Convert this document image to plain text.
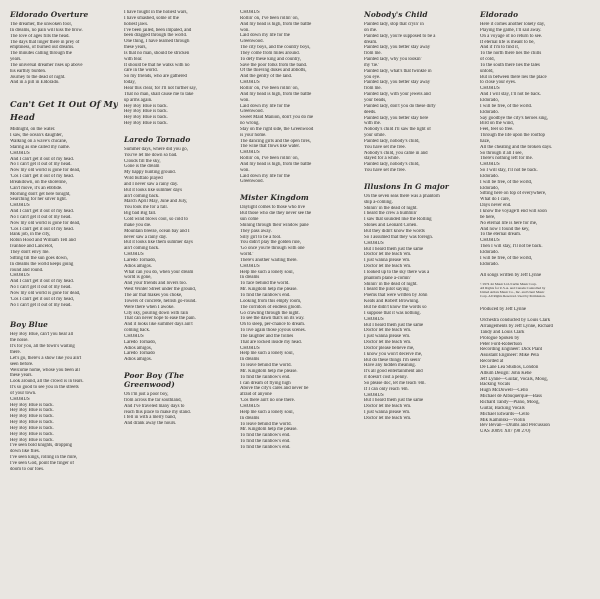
Eldorado Overture
The dreamer, the unwoken fool,
In dreams, no pain will kiss the brow.
The love of ages fills the head.
The days that linger there in prey of
emptiness, of burned out dreams.
The minutes calling through the
years.
The universal dreamer rises up above
his earthly burden.
Journey to the dead of night.
And in a pill in Eldorado.
Can't Get It Out Of My Head
Midnight, on the water.
I saw, the ocean's daughter,
Walking on a wave's chicane,
Staring as she called my name.
CHORUS
And I can't get it out of my head.
No I can't get it out of my head.
Now my old world is gone for dead,
'Cos I can't get it out of my head.
Breakdown, on the shoreline,
Can't move, it's an ebbtide.
Morning don't get here tonight,
Searching for her silver light.
CHORUS
And I can't get it out of my head.
No I can't get it out of my head.
Now my old world is gone for dead,
'Cos I can't get it out of my head.
Bank job, in the city,
Robin Hood and William Tell and
Ivanhoe and Lancelot,
They don't envy me.
Sitting till the sun goes down,
In dreams the world keeps going
round and round.
CHORUS
And I can't get it out of my head.
No I can't get it out of my head.
Now my old world is gone for dead,
'Cos I can't get it out of my head,
No I can't get it out of my head.
Boy Blue
Hey Boy Blue, can't you hear all
the noise.
It's for you, all the town's waiting
there.
Let's go, there's a show like you ain't
seen before.
Welcome home, whose you been all
these years.
Look around, all the crowd is in tears.
It's so good to see you in the streets
of your town.
CHORUS
Hey Boy Blue is back.
Hey Boy Blue is back.
Hey Boy Blue is back.
Hey Boy Blue is back.
Hey Boy Blue is back.
Hey Boy Blue is back.
Hey Boy Blue is back.
I've seen bold knights, dropping
down like flies.
I've seen kings, rolling in the mire,
I've seen God, point the finger of
doom to our foes.
I have fought in the holiest wars,
I have smashed, some of the
holiest jaws.
I've been jailed, been impaled, and
been dragged through the world.
One thing, I have learned through
these years,
Is that no man, should be stricken
with fear.
It should be that he walks with no
care in the world.
So my friends, who are gathered
today,
Hear this clear, for I'll not further say,
That no man, shall cause me to take
up arms again.
Hey Boy Blue is back.
Hey Boy Blue is back.
Hey Boy Blue is back.
Hey Boy Blue is back.
Laredo Tornado
Summer days, where did you go,
You've let me down so bad.
Clouds fill the sky,
Gone is the dream
My happy hunting ground.
Wild buffalo played
and I never saw a rainy day.
But it looks like summer days
ain't coming back.
March April May, June and July,
You took me for a fall.
Big bad Big fall.
Cold wind blows cool, so cold to
make you die.
Mountain breeze, ocean bay and I
never saw a rainy day.
But it looks like them summer days
ain't coming back.
CHORUS
Laredo Tornado,
Adios amigos.
What can you do, when your dream
world is gone,
And your friends and lovers too.
West Winter Street under the ground,
The air that makes you choke,
Towers of concrete, hellish go-round.
Were there when I awoke.
City sky, pouring down with rain
That can never hope to ease the pain.
And it looks like summer days ain't
coming back.
CHORUS
Laredo Tornado,
Adios amigos,
Laredo Tornado
Adios amigos.
Poor Boy (The Greenwood)
Oh I'm just a poor boy,
from across the far southland,
And I've traveled many days to
reach this place to make my stand.
I fell in with a merry band,
And drank away the hours.
CHORUS
Rollin' on, I've been rollin' on,
And my head is high, from the battle
won.
Laid down my life for the
Greenwood.
The city boys, and the country boys,
They come from miles around.
To defy these king and country,
Save the poor folks from the band.
Of the thieving dukes and abbotts,
And the gentry of the land.
CHORUS
Rollin' on, I've been rollin' on,
And my head is high, from the battle
won.
Laid down my life for the
Greenwood.
Sweet Maid Manion, don't you do me
no wrong.
Stay on the right side, the Greenwood
is your home.
The dancing girls and the open fires,
The wine that flows like water.
CHORUS
Rollin' on, I've been rollin' on,
And my head is high, from the battle
won.
Laid down my life for the
Greenwood.
Mister Kingdom
Daylight comes to those who live
But those who die they never see the
sun come
Shining through their window pane
They pass away.
Silly girl to be a fool.
You didn't play the golden rule,
'Go once you're through with one
world.'
There's another waiting there.
CHORUS
Help me such a lonely soul,
In dreams
To face behind the world.
Mr. Kingdom help me please.
To find the rainbow's end.
Looking from this empty room,
The corridors of endless gloom.
Go crawling through the night.
To see the dawn that's on its way.
Oh to sleep, per-chance to dream.
To live again those joyous scenes.
The laughter and the follies
That are locked inside my head.
CHORUS
Help me such a lonely soul,
In dreams
To leave behind the world.
Mr. Kingdom help me please.
To find the rainbow's end.
I can dream of flying high
Above the city's cares and never be
afraid of anyone
'Cos there ain't no one there.
CHORUS
Help me such a lonely soul,
In dreams
To leave behind the world.
Mr. Kingdom help me please.
To find the rainbow's end.
To find the rainbow's end.
To find the rainbow's end.
Nobody's Child
Painted lady, stop that cryin' in
on me.
Painted lady, you're supposed to be a
dream.
Painted lady, you better stay away
from me.
Painted lady, why you lookin'
my 'tie.'
Painted lady, what's that twinkle in
you eye.
Painted lady, you better stay away
from me.
Painted lady, with your jewels and
your beads,
Painted lady, don't you do these dirty
deeds.
Painted lady, you better stay here
with me.
Nobody's child I'll saw the light of
your smile.
Painted lady, nobody's child,
You have set me free.
Nobody's child, you came in and
stayed for a while.
Painted lady, nobody's child,
You have set me free.
Illusions In G major
On the seven seas there was a phantom
ship a-coming.
Shinin' in the dead of night.
I heard the crew a hummin'
I saw that sounded like the Rolling
Stones and Leonard Cohen.
But they didn't know the words
So I assumed that they was foreign.
CHORUS
But I heard them just the same
Doctor let me teach 'em.
I just wanna please 'em.
Doctor let me teach 'em.
I looked up to the sky there was a
phantom plane a-comin'
Shinin' in the dead of night.
I heard the pilot saying
Poems that were written by John
Keats and Robert Browning.
But he didn't know the words so
I suppose that it was nothing.
CHORUS
But I heard them just the same
Doctor let me teach 'em.
I just wanna please 'em.
Doctor let me teach 'em.
Doctor please believe me,
I know you won't deceive me,
But do these things I'm seein'
Have any hidden meaning.
It's all good entertainment and
it doesn't cost a penny.
So please doc, let me teach 'em.
If I can only reach 'em.
CHORUS
But I heard them just the same
Doctor let me teach 'em.
I just wanna please 'em.
Doctor let me teach 'em.
Eldorado
Here it comes another lonely day,
Playing the game, I'll sail away.
On a voyage of no return to see.
If eternal life is meant to be,
And if I'm to find it,
To the north there lies the chills
of cold,
To the south there lies the tales
untold,
But in between there lies the place
to close your eyes.
CHORUS
And I will stay, I'll not be back.
Eldorado,
I will be free, of the world.
Eldorado.
Say goodbye the city's heroes sing,
Bird on the wind,
Feel, feel so free.
Through the life upon the rooftop
haze,
All the cheating and the broken days.
So through it all I see,
There's nothing left for me.
CHORUS
So I will stay, I'll not be back.
Eldorado.
I will be free, of the world,
Eldorado,
Sitting here on top of everywhere,
What do I care,
Days never end.
I know the voyage'll end will soon
be here,
No eternal life is here for me,
And now I found the key,
To the eternal dream.
CHORUS
Then I will stay, I'll not be back.
Eldorado.
I will be free, of the world,
Eldorado.

All songs written by Jeff Lynne
©1974 Jet Music Ltd./Carlin Music Corp.
All Rights for U.S.A. and Canada Controlled by
United Artists Music Co., Inc. and Unart Music
Corp. All Rights Reserved. Used by Permission.
Produced by Jeff Lynne

Orchestra conducted by Louis Clark
Arrangements by Jeff Lynne, Richard
Tandy and Louis Clark
Prologue Spoken by
Peter Ford-Robertson
Recording Engineer: Dick Plant
Assistant Engineer: Mike Pela
Recorded at
De Lane Lea Studios, London
Album Design: John Kehe
Jeff Lynne—Guitar, Vocals, Moog,
Backing Vocals
Hugh McDowell—Cello
Michael de Albuquerque—Bass
Richard Tandy—Piano, Moog,
Guitar, Backing Vocals
Michael Edwards—Cello
Mik Kaminski—Violin
Bev Bevan—Drums and Percussion
UAS 30091 X07 (98 270)
